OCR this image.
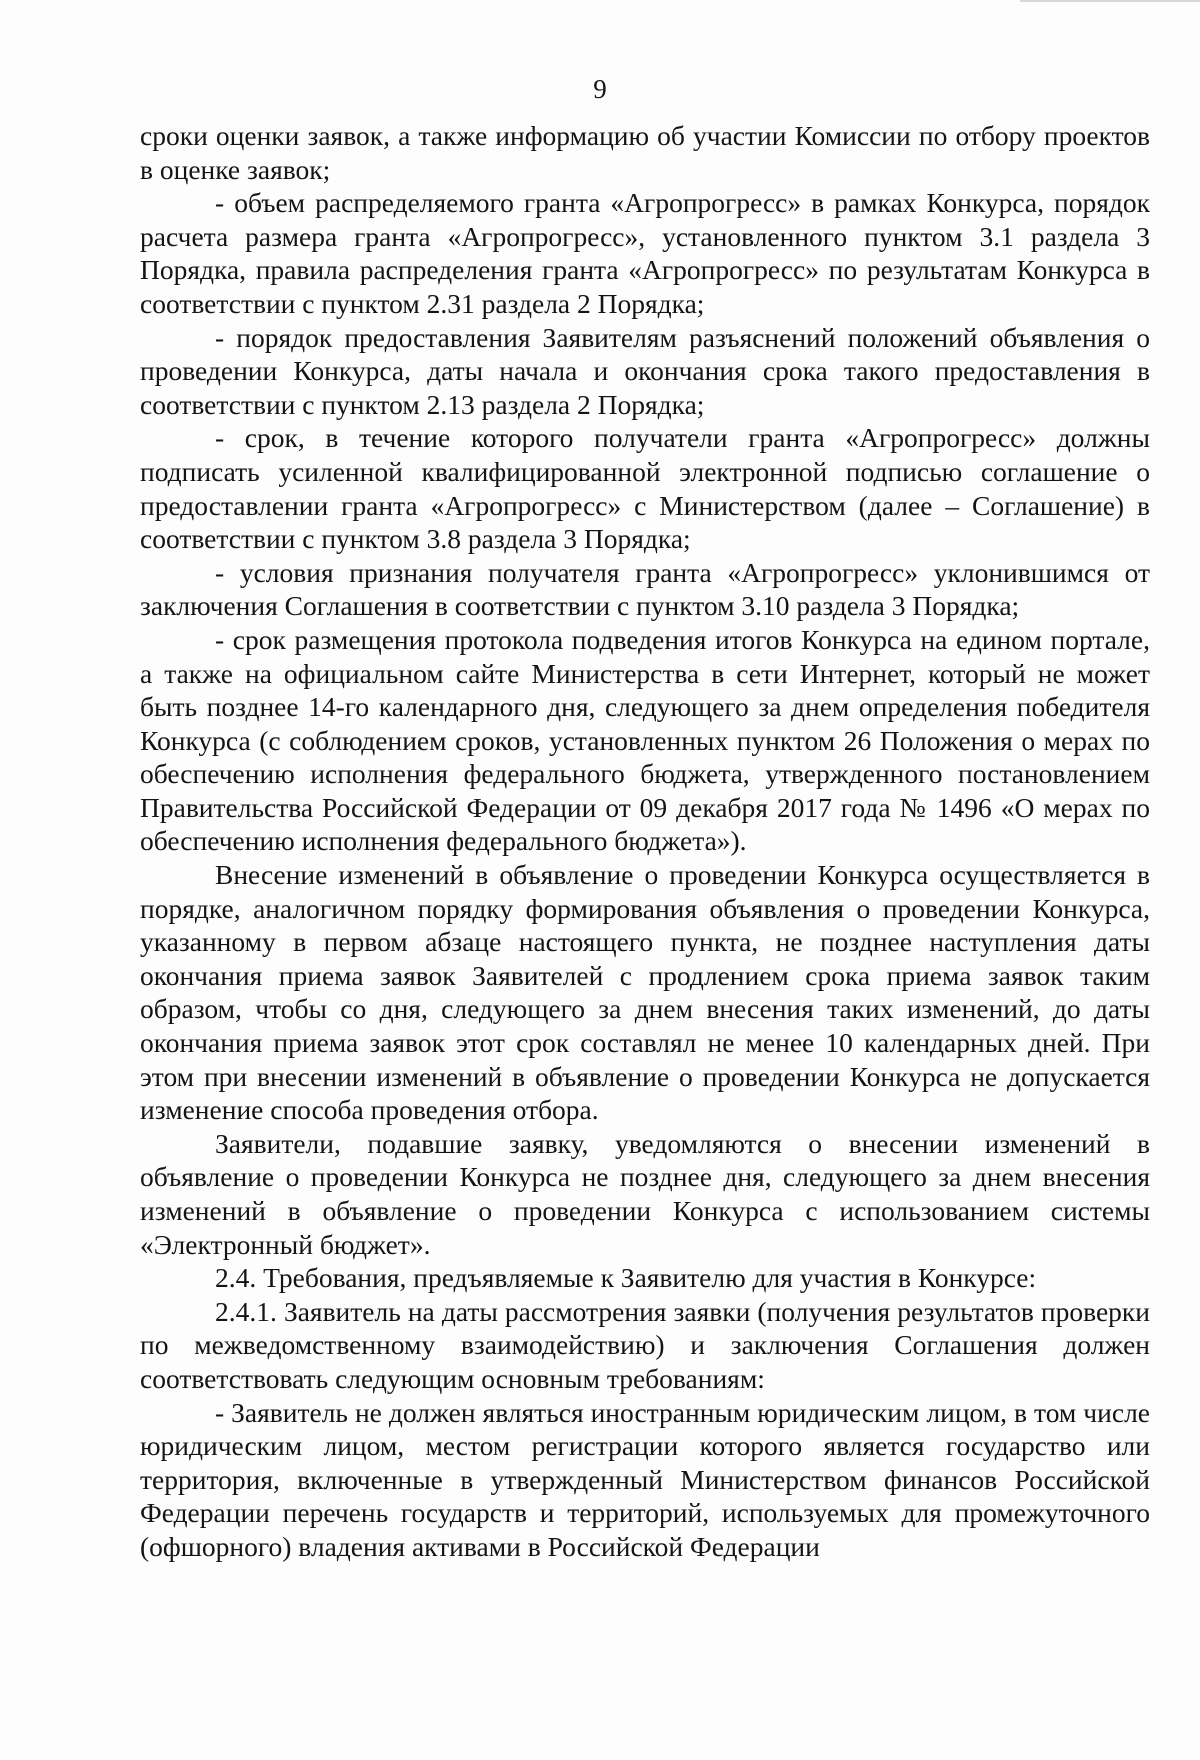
9

сроки оценки заявок, а также информацию об участии Комиссии по отбору проектов в оценке заявок;

- объем распределяемого гранта «Агропрогресс» в рамках Конкурса, порядок расчета размера гранта «Агропрогресс», установленного пунктом 3.1 раздела 3 Порядка, правила распределения гранта «Агропрогресс» по результатам Конкурса в соответствии с пунктом 2.31 раздела 2 Порядка;

- порядок предоставления Заявителям разъяснений положений объявления о проведении Конкурса, даты начала и окончания срока такого предоставления в соответствии с пунктом 2.13 раздела 2 Порядка;

- срок, в течение которого получатели гранта «Агропрогресс» должны подписать усиленной квалифицированной электронной подписью соглашение о предоставлении гранта «Агропрогресс» с Министерством (далее – Соглашение) в соответствии с пунктом 3.8 раздела 3 Порядка;

- условия признания получателя гранта «Агропрогресс» уклонившимся от заключения Соглашения в соответствии с пунктом 3.10 раздела 3 Порядка;

- срок размещения протокола подведения итогов Конкурса на едином портале, а также на официальном сайте Министерства в сети Интернет, который не может быть позднее 14-го календарного дня, следующего за днем определения победителя Конкурса (с соблюдением сроков, установленных пунктом 26 Положения о мерах по обеспечению исполнения федерального бюджета, утвержденного постановлением Правительства Российской Федерации от 09 декабря 2017 года № 1496 «О мерах по обеспечению исполнения федерального бюджета»).

Внесение изменений в объявление о проведении Конкурса осуществляется в порядке, аналогичном порядку формирования объявления о проведении Конкурса, указанному в первом абзаце настоящего пункта, не позднее наступления даты окончания приема заявок Заявителей с продлением срока приема заявок таким образом, чтобы со дня, следующего за днем внесения таких изменений, до даты окончания приема заявок этот срок составлял не менее 10 календарных дней. При этом при внесении изменений в объявление о проведении Конкурса не допускается изменение способа проведения отбора.

Заявители, подавшие заявку, уведомляются о внесении изменений в объявление о проведении Конкурса не позднее дня, следующего за днем внесения изменений в объявление о проведении Конкурса с использованием системы «Электронный бюджет».

2.4. Требования, предъявляемые к Заявителю для участия в Конкурсе:

2.4.1. Заявитель на даты рассмотрения заявки (получения результатов проверки по межведомственному взаимодействию) и заключения Соглашения должен соответствовать следующим основным требованиям:

- Заявитель не должен являться иностранным юридическим лицом, в том числе юридическим лицом, местом регистрации которого является государство или территория, включенные в утвержденный Министерством финансов Российской Федерации перечень государств и территорий, используемых для промежуточного (офшорного) владения активами в Российской Федерации
